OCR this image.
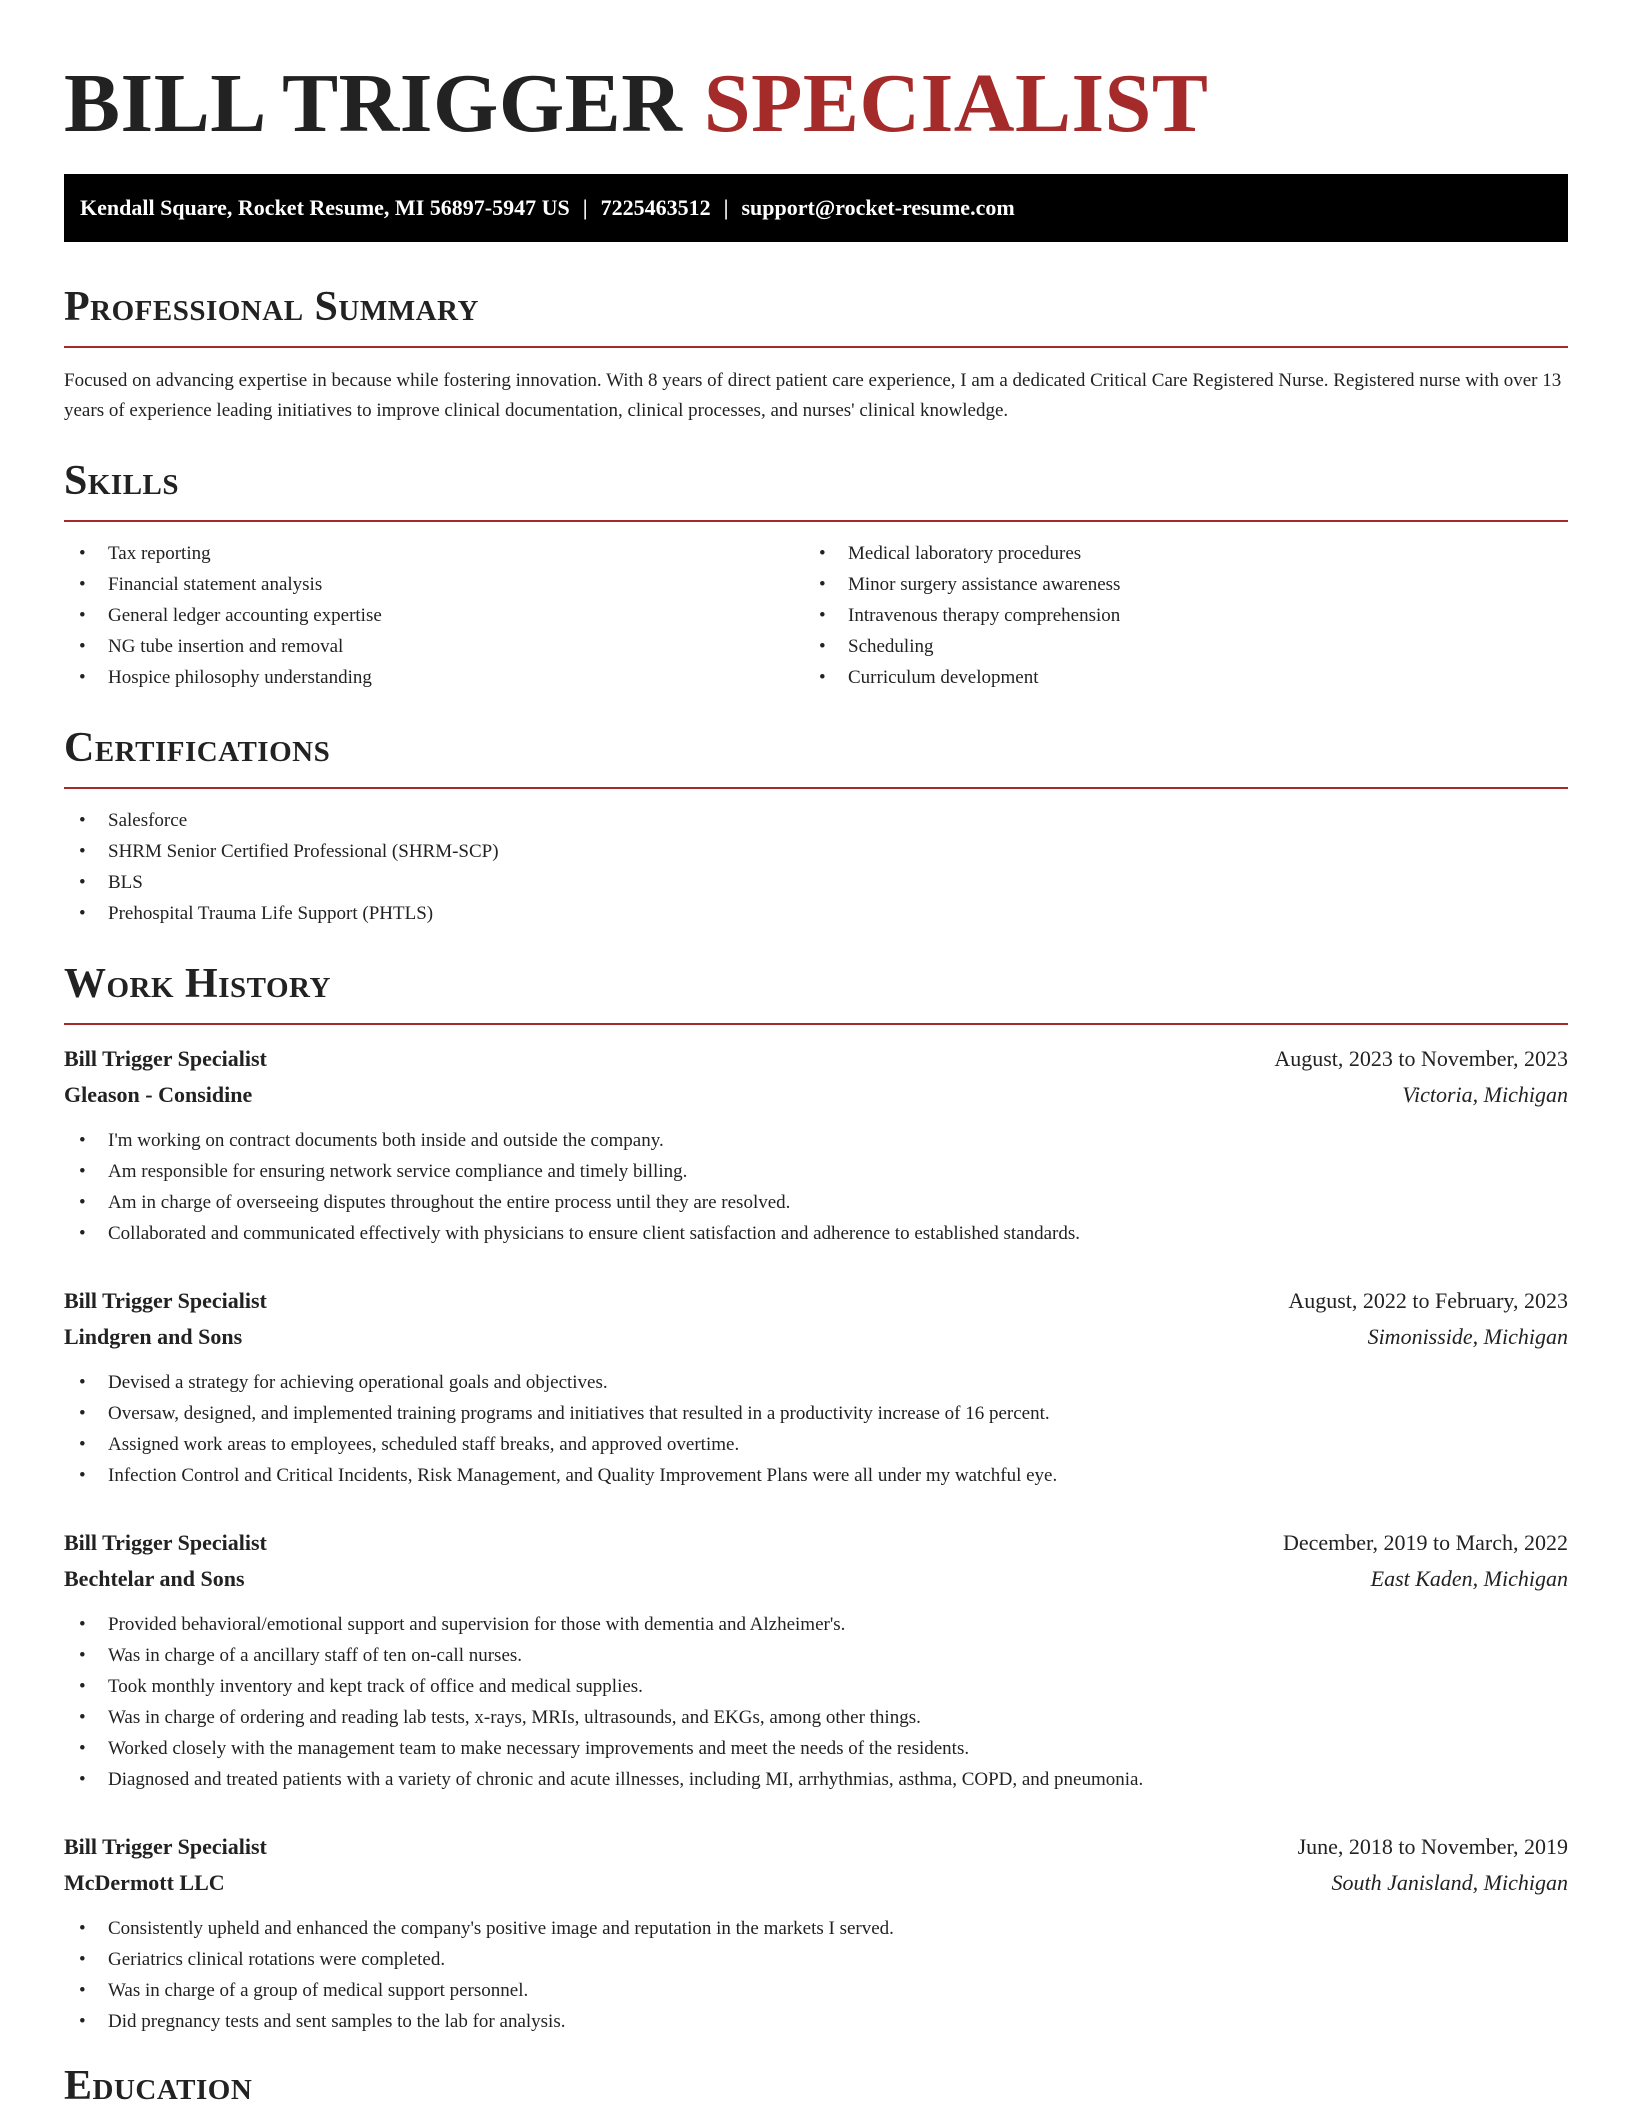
BILL TRIGGER SPECIALIST
Kendall Square, Rocket Resume, MI 56897-5947 US | 7225463512 | support@rocket-resume.com
Professional Summary

Focused on advancing expertise in because while fostering innovation. With 8 years of direct patient care experience, I am a dedicated Critical Care Registered Nurse. Registered nurse with over 13 years of experience leading initiatives to improve clinical documentation, clinical processes, and nurses' clinical knowledge.

Skills
• Tax reporting
• Financial statement analysis
• General ledger accounting expertise
• NG tube insertion and removal
• Hospice philosophy understanding
• Medical laboratory procedures
• Minor surgery assistance awareness
• Intravenous therapy comprehension
• Scheduling
• Curriculum development
Certifications
• Salesforce
• SHRM Senior Certified Professional (SHRM-SCP)
• BLS
• Prehospital Trauma Life Support (PHTLS)
Work History
Bill Trigger Specialist	August, 2023 to November, 2023
Gleason - Considine	Victoria, Michigan
• I'm working on contract documents both inside and outside the company.
• Am responsible for ensuring network service compliance and timely billing.
• Am in charge of overseeing disputes throughout the entire process until they are resolved.
• Collaborated and communicated effectively with physicians to ensure client satisfaction and adherence to established standards.
Bill Trigger Specialist	August, 2022 to February, 2023
Lindgren and Sons	Simonisside, Michigan
• Devised a strategy for achieving operational goals and objectives.
• Oversaw, designed, and implemented training programs and initiatives that resulted in a productivity increase of 16 percent.
• Assigned work areas to employees, scheduled staff breaks, and approved overtime.
• Infection Control and Critical Incidents, Risk Management, and Quality Improvement Plans were all under my watchful eye.
Bill Trigger Specialist	December, 2019 to March, 2022
Bechtelar and Sons	East Kaden, Michigan
• Provided behavioral/emotional support and supervision for those with dementia and Alzheimer's.
• Was in charge of a ancillary staff of ten on-call nurses.
• Took monthly inventory and kept track of office and medical supplies.
• Was in charge of ordering and reading lab tests, x-rays, MRIs, ultrasounds, and EKGs, among other things.
• Worked closely with the management team to make necessary improvements and meet the needs of the residents.
• Diagnosed and treated patients with a variety of chronic and acute illnesses, including MI, arrhythmias, asthma, COPD, and pneumonia.
Bill Trigger Specialist	June, 2018 to November, 2019
McDermott LLC	South Janisland, Michigan
• Consistently upheld and enhanced the company's positive image and reputation in the markets I served.
• Geriatrics clinical rotations were completed.
• Was in charge of a group of medical support personnel.
• Did pregnancy tests and sent samples to the lab for analysis.
Education
